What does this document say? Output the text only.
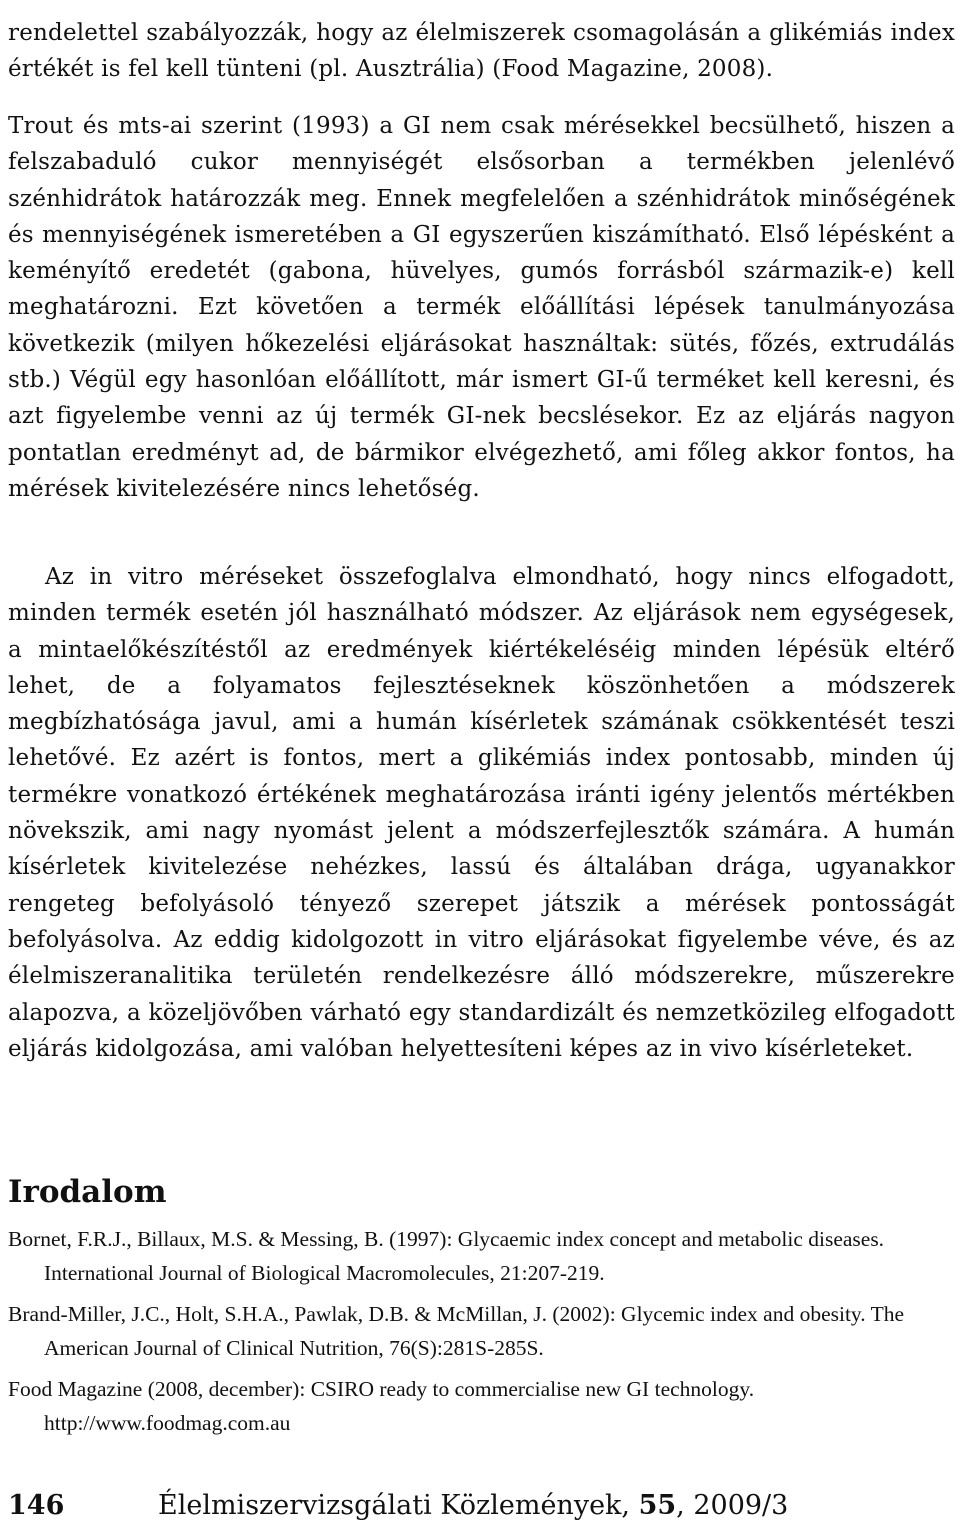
rendelettel szabályozzák, hogy az élelmiszerek csomagolásán a glikémiás index értékét is fel kell tünteni (pl. Ausztrália) (Food Magazine, 2008).

Trout és mts-ai szerint (1993) a GI nem csak mérésekkel becsülhető, hiszen a felszabaduló cukor mennyiségét elsősorban a termékben jelenlévő szénhidrátok határozzák meg. Ennek megfelelően a szénhidrátok minőségének és mennyiségének ismeretében a GI egyszerűen kiszámítható. Első lépésként a keményítő eredetét (gabona, hüvelyes, gumós forrásból származik-e) kell meghatározni. Ezt követően a termék előállítási lépések tanulmányozása következik (milyen hőkezelési eljárásokat használtak: sütés, főzés, extrudálás stb.) Végül egy hasonlóan előállított, már ismert GI-ű terméket kell keresni, és azt figyelembe venni az új termék GI-nek becslésekor. Ez az eljárás nagyon pontatlan eredményt ad, de bármikor elvégezhető, ami főleg akkor fontos, ha mérések kivitelezésére nincs lehetőség.

Az in vitro méréseket összefoglalva elmondható, hogy nincs elfogadott, minden termék esetén jól használható módszer. Az eljárások nem egységesek, a mintaelőkészítéstől az eredmények kiértékeléséig minden lépésük eltérő lehet, de a folyamatos fejlesztéseknek köszönhetően a módszerek megbízhatósága javul, ami a humán kísérletek számának csökkentését teszi lehetővé. Ez azért is fontos, mert a glikémiás index pontosabb, minden új termékre vonatkozó értékének meghatározása iránti igény jelentős mértékben növekszik, ami nagy nyomást jelent a módszerfejlesztők számára. A humán kísérletek kivitelezése nehézkes, lassú és általában drága, ugyanakkor rengeteg befolyásoló tényező szerepet játszik a mérések pontosságát befolyásolva. Az eddig kidolgozott in vitro eljárásokat figyelembe véve, és az élelmiszeranalitika területén rendelkezésre álló módszerekre, műszerekre alapozva, a közeljövőben várható egy standardizált és nemzetközileg elfogadott eljárás kidolgozása, ami valóban helyettesíteni képes az in vivo kísérleteket.

Irodalom
Bornet, F.R.J., Billaux, M.S. & Messing, B. (1997): Glycaemic index concept and metabolic diseases. International Journal of Biological Macromolecules, 21:207-219.
Brand-Miller, J.C., Holt, S.H.A., Pawlak, D.B. & McMillan, J. (2002): Glycemic index and obesity. The American Journal of Clinical Nutrition, 76(S):281S-285S.
Food Magazine (2008, december): CSIRO ready to commercialise new GI technology. http://www.foodmag.com.au
146	Élelmiszervizsgálati Közlemények, 55, 2009/3
